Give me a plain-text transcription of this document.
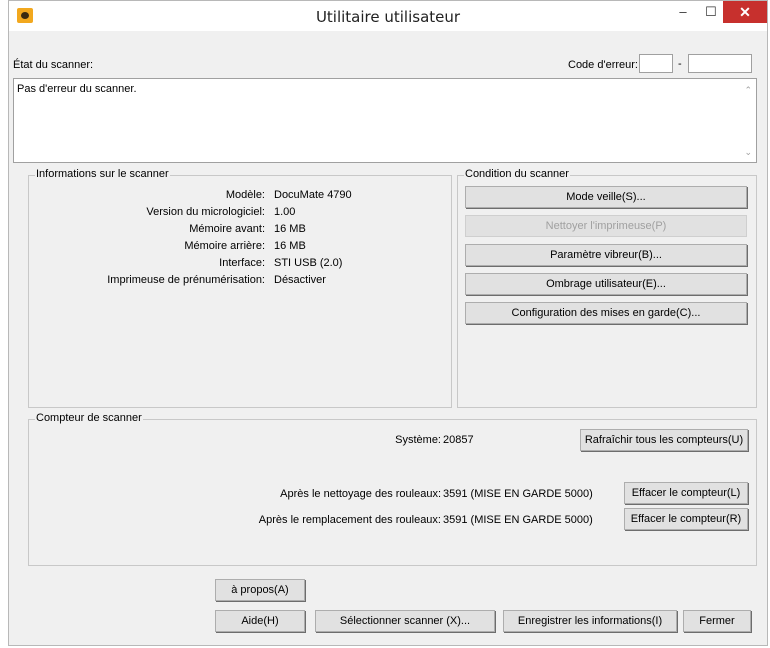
Utilitaire utilisateur	–	☐	✕
État du scanner:	Code d'erreur:	-
Pas d'erreur du scanner.	⌃
⌄
Informations sur le scanner
Modèle: DocuMate 4790
Version du micrologiciel: 1.00
Mémoire avant: 16 MB
Mémoire arrière: 16 MB
Interface: STI USB (2.0)
Imprimeuse de prénumérisation: Désactiver
Condition du scanner
Mode veille(S)...
Nettoyer l'imprimeuse(P)
Paramètre vibreur(B)...
Ombrage utilisateur(E)...
Configuration des mises en garde(C)...
Compteur de scanner
Système: 20857	Rafraîchir tous les compteurs(U)
Après le nettoyage des rouleaux: 3591 (MISE EN GARDE 5000)	Effacer le compteur(L)
Après le remplacement des rouleaux: 3591 (MISE EN GARDE 5000)	Effacer le compteur(R)
à propos(A)
Aide(H)	Sélectionner scanner (X)...	Enregistrer les informations(I)	Fermer
